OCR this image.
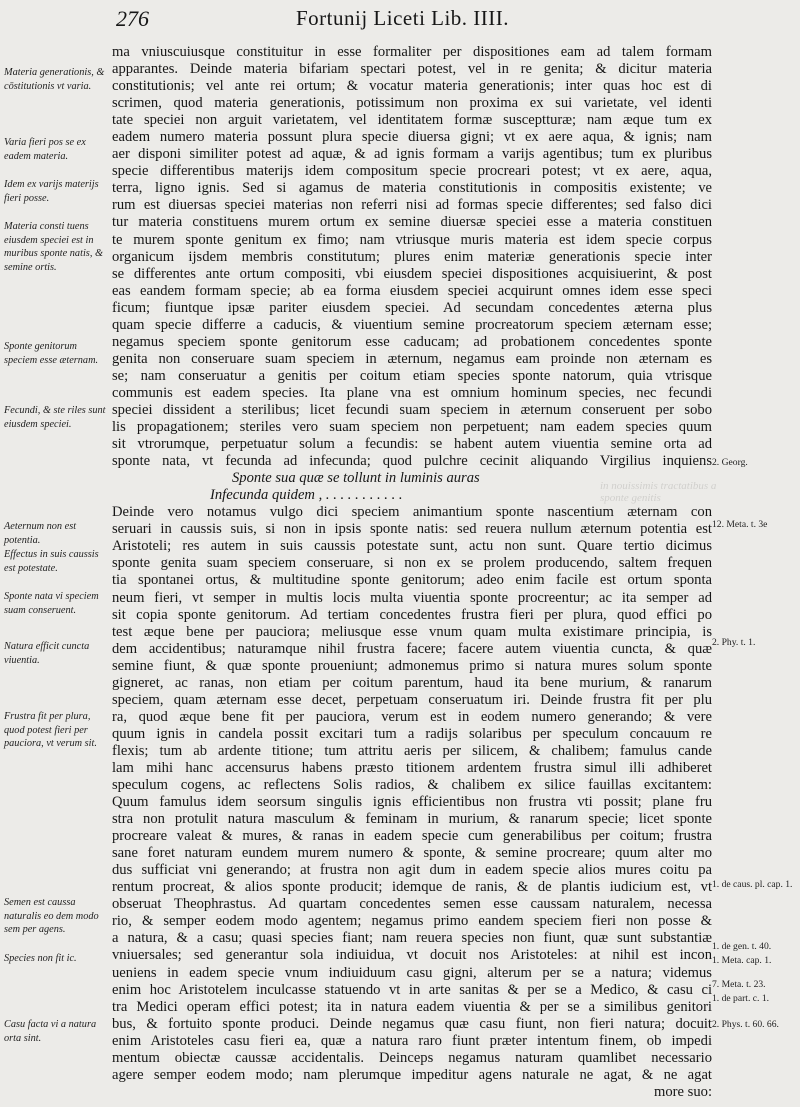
276	Fortunij Liceti Lib. IIII.
Materia generationis, & cōstitutionis vt varia.
Varia fieri pos se ex eadem materia.
Idem ex varijs materijs fieri posse.
Materia consti tuens eiusdem speciei est in muribus sponte natis, & semine ortis.
Sponte genitorum speciem esse æternam.
Fecundi, & ste riles sunt eiusdem speciei.
Aeternum non est potentia.
Effectus in suis caussis est potestate.
Sponte nata vi speciem suam conseruent.
Natura efficit cuncta viuentia.
Frustra fit per plura, quod potest fieri per pauciora, vt verum sit.
Semen est caussa naturalis eo dem modo sem per agens.
Species non fit ic.
Casu facta vi a natura orta sint.
2. Georg.
12. Meta. t. 3e
2. Phy. t. 1.
1. de caus. pl. cap. 1.
1. de gen. t. 40.
1. Meta. cap. 1.
7. Meta. t. 23.
1. de part. c. 1.
2. Phys. t. 60. 66.
ma vniuscuiusque constituitur in esse formaliter per dispositiones eam ad talem formam
apparantes. Deinde materia bifariam spectari potest, vel in re genita; & dicitur materia
constitutionis; vel ante rei ortum; & vocatur materia generationis; inter quas hoc est di
scrimen, quod materia generationis, potissimum non proxima ex sui varietate, vel identi
tate speciei non arguit varietatem, vel identitatem formæ susceptturæ; nam æque tum ex
eadem numero materia possunt plura specie diuersa gigni; vt ex aere aqua, & ignis; nam
aer disponi similiter potest ad aquæ, & ad ignis formam a varijs agentibus; tum ex pluribus
specie differentibus materijs idem compositum specie procreari potest; vt ex aere, aqua,
terra, ligno ignis. Sed si agamus de materia constitutionis in compositis existente; ve
rum est diuersas speciei materias non referri nisi ad formas specie differentes; sed falso dici
tur materia constituens murem ortum ex semine diuersæ speciei esse a materia constituen
te murem sponte genitum ex fimo; nam vtriusque muris materia est idem specie corpus
organicum ijsdem membris constitutum; plures enim materiæ generationis specie inter
se differentes ante ortum compositi, vbi eiusdem speciei dispositiones acquisiuerint, & post
eas eandem formam specie; ab ea forma eiusdem speciei acquirunt omnes idem esse speci
ficum; fiuntque ipsæ pariter eiusdem speciei. Ad secundam concedentes æterna plus
quam specie differre a caducis, & viuentium semine procreatorum speciem æternam esse;
negamus speciem sponte genitorum esse caducam; ad probationem concedentes sponte
genita non conseruare suam speciem in æternum, negamus eam proinde non æternam es
se; nam conseruatur a genitis per coitum etiam species sponte natorum, quia vtrisque
communis est eadem species. Ita plane vna est omnium hominum species, nec fecundi
speciei dissident a sterilibus; licet fecundi suam speciem in æternum conseruent per sobo
lis propagationem; steriles vero suam speciem non perpetuent; nam eadem species quum
sit vtrorumque, perpetuatur solum a fecundis: se habent autem viuentia semine orta ad
sponte nata, vt fecunda ad infecunda; quod pulchre cecinit aliquando Virgilius inquiens
Sponte sua quæ se tollunt in luminis auras
Infecunda quidem , . . . . . . . . . . .
Deinde vero notamus vulgo dici speciem animantium sponte nascentium æternam con
seruari in caussis suis, si non in ipsis sponte natis: sed reuera nullum æternum potentia est
Aristoteli; res autem in suis caussis potestate sunt, actu non sunt. Quare tertio dicimus
sponte genita suam speciem conseruare, si non ex se prolem producendo, saltem frequen
tia spontanei ortus, & multitudine sponte genitorum; adeo enim facile est ortum sponta
neum fieri, vt semper in multis locis multa viuentia sponte procreentur; ac ita semper ad
sit copia sponte genitorum. Ad tertiam concedentes frustra fieri per plura, quod effici po
test æque bene per pauciora; meliusque esse vnum quam multa existimare principia, is
dem accidentibus; naturamque nihil frustra facere; facere autem viuentia cuncta, & quæ
semine fiunt, & quæ sponte proueniunt; admonemus primo si natura mures solum sponte
gigneret, ac ranas, non etiam per coitum parentum, haud ita bene murium, & ranarum
speciem, quam æternam esse decet, perpetuam conseruatum iri. Deinde frustra fit per plu
ra, quod æque bene fit per pauciora, verum est in eodem numero generando; & vere
quum ignis in candela possit excitari tum a radijs solaribus per speculum concauum re
flexis; tum ab ardente titione; tum attritu aeris per silicem, & chalibem; famulus cande
lam mihi hanc accensurus habens præsto titionem ardentem frustra simul illi adhiberet
speculum cogens, ac reflectens Solis radios, & chalibem ex silice fauillas excitantem:
Quum famulus idem seorsum singulis ignis efficientibus non frustra vti possit; plane fru
stra non protulit natura masculum & feminam in murium, & ranarum specie; licet sponte
procreare valeat & mures, & ranas in eadem specie cum generabilibus per coitum; frustra
sane foret naturam eundem murem numero & sponte, & semine procreare; quum alter mo
dus sufficiat vni generando; at frustra non agit dum in eadem specie alios mures coitu pa
rentum procreat, & alios sponte producit; idemque de ranis, & de plantis iudicium est, vt
obseruat Theophrastus. Ad quartam concedentes semen esse caussam naturalem, necessa
rio, & semper eodem modo agentem; negamus primo eandem speciem fieri non posse &
a natura, & a casu; quasi species fiant; nam reuera species non fiunt, quæ sunt substantiæ
vniuersales; sed generantur sola indiuidua, vt docuit nos Aristoteles: at nihil est incon
ueniens in eadem specie vnum indiuiduum casu gigni, alterum per se a natura; videmus
enim hoc Aristotelem inculcasse statuendo vt in arte sanitas & per se a Medico, & casu ci
tra Medici operam effici potest; ita in natura eadem viuentia & per se a similibus genitori
bus, & fortuito sponte produci. Deinde negamus quæ casu fiunt, non fieri natura; docuit
enim Aristoteles casu fieri ea, quæ a natura raro fiunt præter intentum finem, ob impedi
mentum obiectæ caussæ accidentalis. Deinceps negamus naturam quamlibet necessario
agere semper eodem modo; nam plerumque impeditur agens naturale ne agat, & ne agat
more suo:
in nouissimis tractatibus a sponte genitis
